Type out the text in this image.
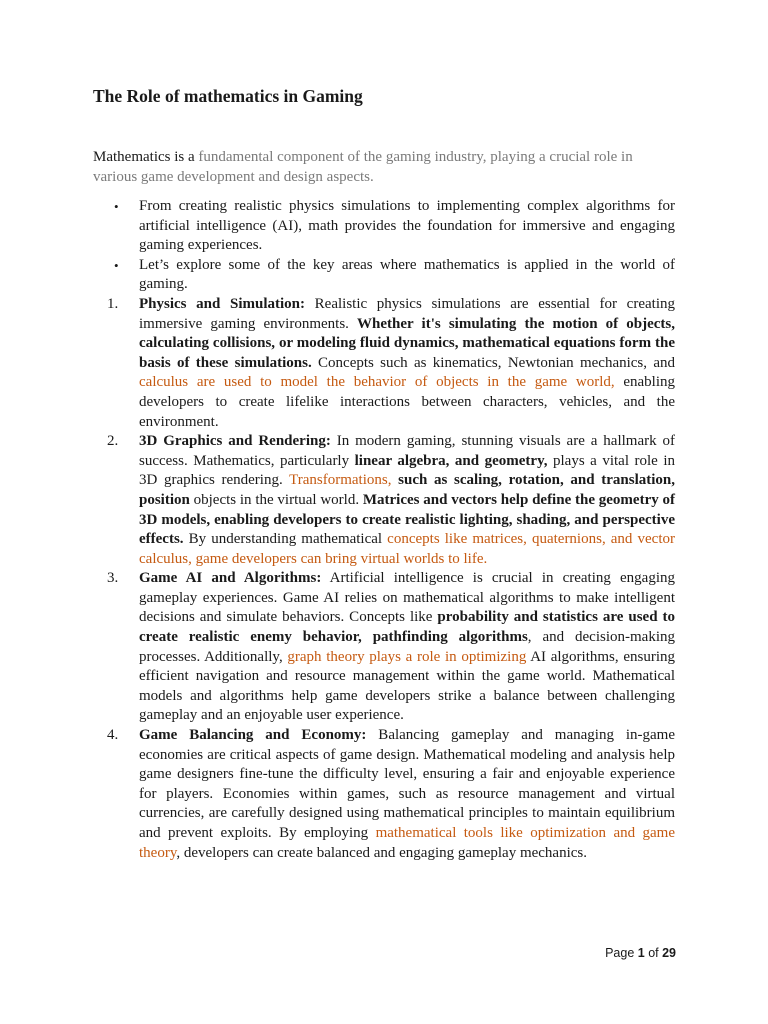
The Role of mathematics in Gaming

Mathematics is a fundamental component of the gaming industry, playing a crucial role in various game development and design aspects.

•	From creating realistic physics simulations to implementing complex algorithms for artificial intelligence (AI), math provides the foundation for immersive and engaging gaming experiences.
•	Let’s explore some of the key areas where mathematics is applied in the world of gaming.
1.	Physics and Simulation: Realistic physics simulations are essential for creating immersive gaming environments. Whether it's simulating the motion of objects, calculating collisions, or modeling fluid dynamics, mathematical equations form the basis of these simulations. Concepts such as kinematics, Newtonian mechanics, and calculus are used to model the behavior of objects in the game world, enabling developers to create lifelike interactions between characters, vehicles, and the environment.
2.	3D Graphics and Rendering: In modern gaming, stunning visuals are a hallmark of success. Mathematics, particularly linear algebra, and geometry, plays a vital role in 3D graphics rendering. Transformations, such as scaling, rotation, and translation, position objects in the virtual world. Matrices and vectors help define the geometry of 3D models, enabling developers to create realistic lighting, shading, and perspective effects. By understanding mathematical concepts like matrices, quaternions, and vector calculus, game developers can bring virtual worlds to life.
3.	Game AI and Algorithms: Artificial intelligence is crucial in creating engaging gameplay experiences. Game AI relies on mathematical algorithms to make intelligent decisions and simulate behaviors. Concepts like probability and statistics are used to create realistic enemy behavior, pathfinding algorithms, and decision-making processes. Additionally, graph theory plays a role in optimizing AI algorithms, ensuring efficient navigation and resource management within the game world. Mathematical models and algorithms help game developers strike a balance between challenging gameplay and an enjoyable user experience.
4.	Game Balancing and Economy: Balancing gameplay and managing in-game economies are critical aspects of game design. Mathematical modeling and analysis help game designers fine-tune the difficulty level, ensuring a fair and enjoyable experience for players. Economies within games, such as resource management and virtual currencies, are carefully designed using mathematical principles to maintain equilibrium and prevent exploits. By employing mathematical tools like optimization and game theory, developers can create balanced and engaging gameplay mechanics.
Page 1 of 29
